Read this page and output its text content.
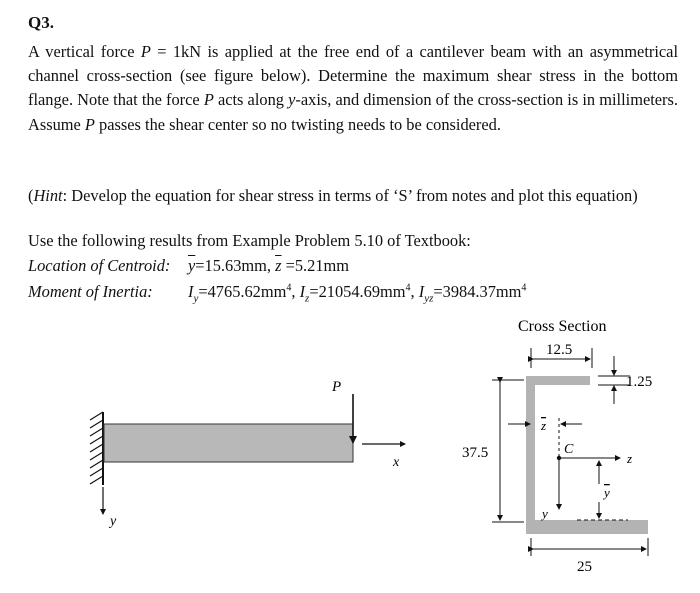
Q3.
A vertical force P = 1kN is applied at the free end of a cantilever beam with an asymmetrical channel cross-section (see figure below). Determine the maximum shear stress in the bottom flange. Note that the force P acts along y-axis, and dimension of the cross-section is in millimeters. Assume P passes the shear center so no twisting needs to be considered.
(Hint: Develop the equation for shear stress in terms of ‘S’ from notes and plot this equation)
Use the following results from Example Problem 5.10 of Textbook:
Location of Centroid: $\overline{y}=15.63mm$, $\overline{z} =5.21mm$
Moment of Inertia: $I_y=4765.62mm^4$, $I_z=21054.69mm^4$, $I_{yz}=3984.37mm^4$
P
x
y
Cross Section
12.5
1.25
37.5
25
z
C
z
y
y
